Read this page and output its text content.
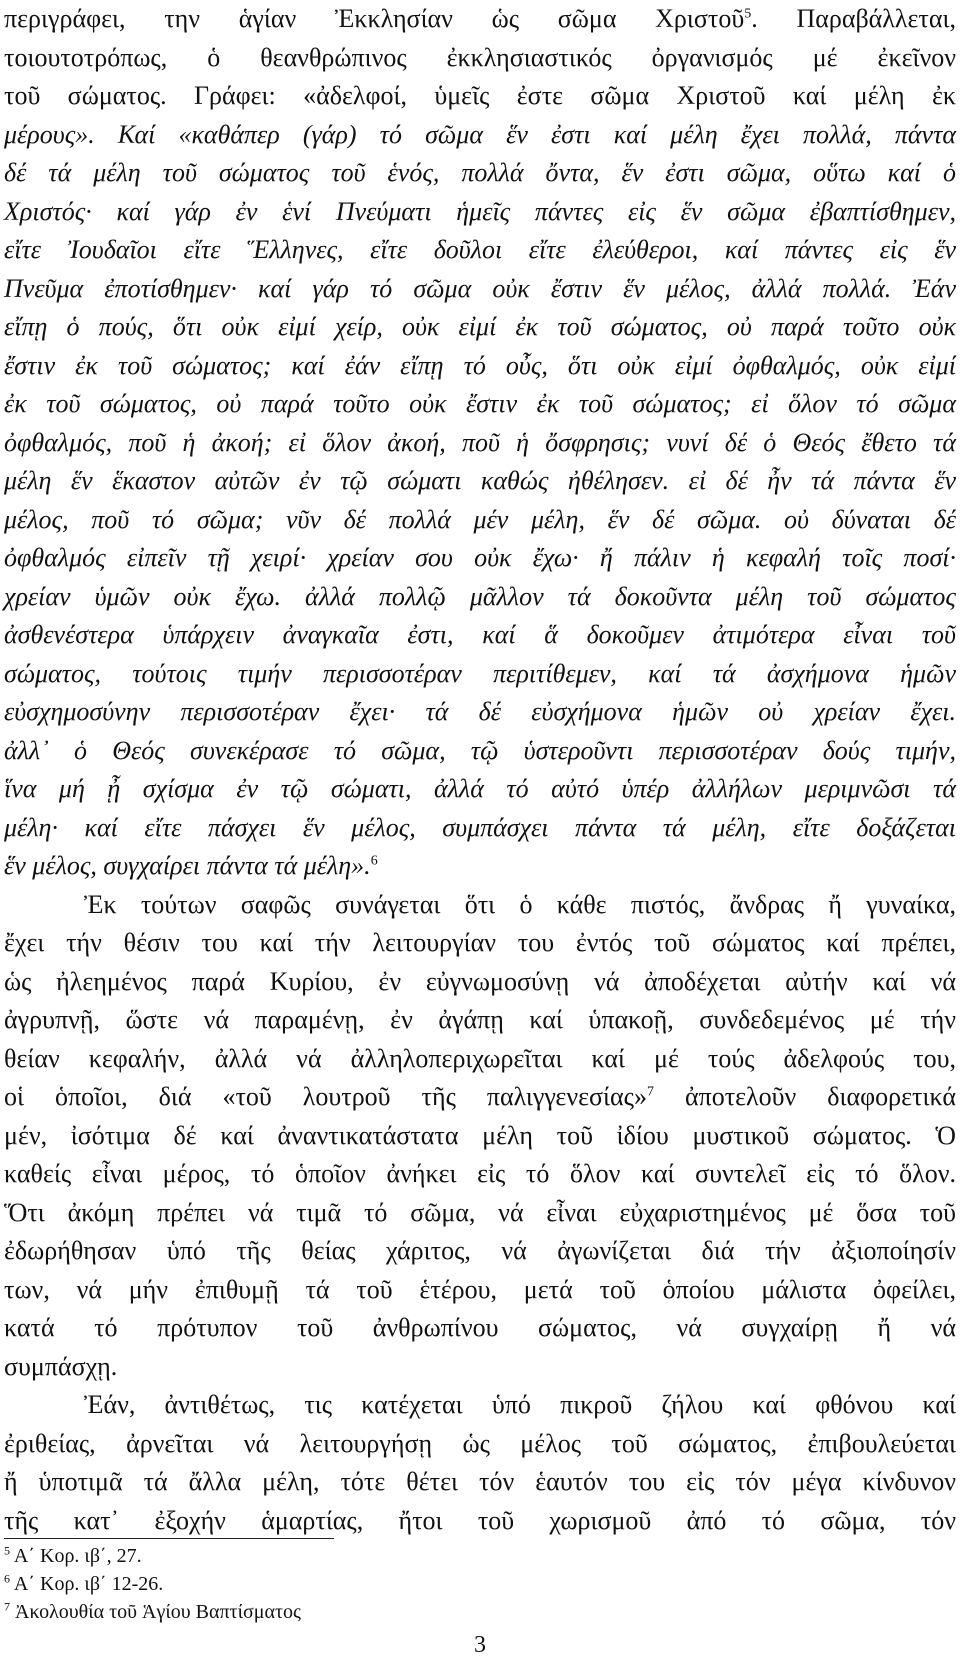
περιγράφει, την ἁγίαν Ἐκκλησίαν ὡς σῶμα Χριστοῦ$^5$. Παραβάλλεται,
τοιουτοτρόπως, ὁ θεανθρώπινος ἐκκλησιαστικός ὀργανισμός μέ ἐκεῖνον
τοῦ σώματος. Γράφει: «ἀδελφοί, ὑμεῖς ἐστε σῶμα Χριστοῦ καί μέλη ἐκ
μέρους». Καί «καθάπερ (γάρ) τό σῶμα ἕν ἐστι καί μέλη ἔχει πολλά, πάντα
δέ τά μέλη τοῦ σώματος τοῦ ἑνός, πολλά ὄντα, ἕν ἐστι σῶμα, οὕτω καί ὁ
Χριστός· καί γάρ ἐν ἑνί Πνεύματι ἡμεῖς πάντες εἰς ἕν σῶμα ἐβαπτίσθημεν,
εἴτε Ἰουδαῖοι εἴτε Ἕλληνες, εἴτε δοῦλοι εἴτε ἐλεύθεροι, καί πάντες εἰς ἕν
Πνεῦμα ἐποτίσθημεν· καί γάρ τό σῶμα οὐκ ἔστιν ἕν μέλος, ἀλλά πολλά. Ἐάν
εἴπῃ ὁ πούς, ὅτι οὐκ εἰμί χείρ, οὐκ εἰμί ἐκ τοῦ σώματος, οὐ παρά τοῦτο οὐκ
ἔστιν ἐκ τοῦ σώματος; καί ἐάν εἴπῃ τό οὖς, ὅτι οὐκ εἰμί ὀφθαλμός, οὐκ εἰμί
ἐκ τοῦ σώματος, οὐ παρά τοῦτο οὐκ ἔστιν ἐκ τοῦ σώματος; εἰ ὅλον τό σῶμα
ὀφθαλμός, ποῦ ἡ ἀκοή; εἰ ὅλον ἀκοή, ποῦ ἡ ὄσφρησις; νυνί δέ ὁ Θεός ἔθετο τά
μέλη ἕν ἕκαστον αὐτῶν ἐν τῷ σώματι καθώς ἠθέλησεν. εἰ δέ ἦν τά πάντα ἕν
μέλος, ποῦ τό σῶμα; νῦν δέ πολλά μέν μέλη, ἕν δέ σῶμα. οὐ δύναται δέ
ὀφθαλμός εἰπεῖν τῇ χειρί· χρείαν σου οὐκ ἔχω· ἤ πάλιν ἡ κεφαλή τοῖς ποσί·
χρείαν ὑμῶν οὐκ ἔχω. ἀλλά πολλῷ μᾶλλον τά δοκοῦντα μέλη τοῦ σώματος
ἀσθενέστερα ὑπάρχειν ἀναγκαῖα ἐστι, καί ἅ δοκοῦμεν ἀτιμότερα εἶναι τοῦ
σώματος, τούτοις τιμήν περισσοτέραν περιτίθεμεν, καί τά ἀσχήμονα ἡμῶν
εὐσχημοσύνην περισσοτέραν ἔχει· τά δέ εὐσχήμονα ἡμῶν οὐ χρείαν ἔχει.
ἀλλ᾽ ὁ Θεός συνεκέρασε τό σῶμα, τῷ ὑστεροῦντι περισσοτέραν δούς τιμήν,
ἵνα μή ᾖ σχίσμα ἐν τῷ σώματι, ἀλλά τό αὐτό ὑπέρ ἀλλήλων μεριμνῶσι τά
μέλη· καί εἴτε πάσχει ἕν μέλος, συμπάσχει πάντα τά μέλη, εἴτε δοξάζεται
ἕν μέλος, συγχαίρει πάντα τά μέλη».$^6$
Ἐκ τούτων σαφῶς συνάγεται ὅτι ὁ κάθε πιστός, ἄνδρας ἤ γυναίκα,
ἔχει τήν θέσιν του καί τήν λειτουργίαν του ἐντός τοῦ σώματος καί πρέπει,
ὡς ἠλεημένος παρά Κυρίου, ἐν εὐγνωμοσύνῃ νά ἀποδέχεται αὐτήν καί νά
ἀγρυπνῇ, ὥστε νά παραμένῃ, ἐν ἀγάπῃ καί ὑπακοῇ, συνδεδεμένος μέ τήν
θείαν κεφαλήν, ἀλλά νά ἀλληλοπεριχωρεῖται καί μέ τούς ἀδελφούς του,
οἱ ὁποῖοι, διά «τοῦ λουτροῦ τῆς παλιγγενεσίας»$^7$ ἀποτελοῦν διαφορετικά
μέν, ἰσότιμα δέ καί ἀναντικατάστατα μέλη τοῦ ἰδίου μυστικοῦ σώματος. Ὁ
καθείς εἶναι μέρος, τό ὁποῖον ἀνήκει εἰς τό ὅλον καί συντελεῖ εἰς τό ὅλον.
Ὅτι ἀκόμη πρέπει νά τιμᾶ τό σῶμα, νά εἶναι εὐχαριστημένος μέ ὅσα τοῦ
ἐδωρήθησαν ὑπό τῆς θείας χάριτος, νά ἀγωνίζεται διά τήν ἀξιοποίησίν
των, νά μήν ἐπιθυμῇ τά τοῦ ἑτέρου, μετά τοῦ ὁποίου μάλιστα ὀφείλει,
κατά τό πρότυπον τοῦ ἀνθρωπίνου σώματος, νά συγχαίρῃ ἤ νά
συμπάσχῃ.
Ἐάν, ἀντιθέτως, τις κατέχεται ὑπό πικροῦ ζήλου καί φθόνου καί
ἐριθείας, ἀρνεῖται νά λειτουργήσῃ ὡς μέλος τοῦ σώματος, ἐπιβουλεύεται
ἤ ὑποτιμᾶ τά ἄλλα μέλη, τότε θέτει τόν ἑαυτόν του εἰς τόν μέγα κίνδυνον
τῆς κατ᾽ ἐξοχήν ἁμαρτίας, ἤτοι τοῦ χωρισμοῦ ἀπό τό σῶμα, τόν
$^5$ Α΄ Κορ. ιβ΄, 27.
$^6$ Α΄ Κορ. ιβ΄ 12-26.
$^7$ Ἀκολουθία τοῦ Ἁγίου Βαπτίσματος
3
